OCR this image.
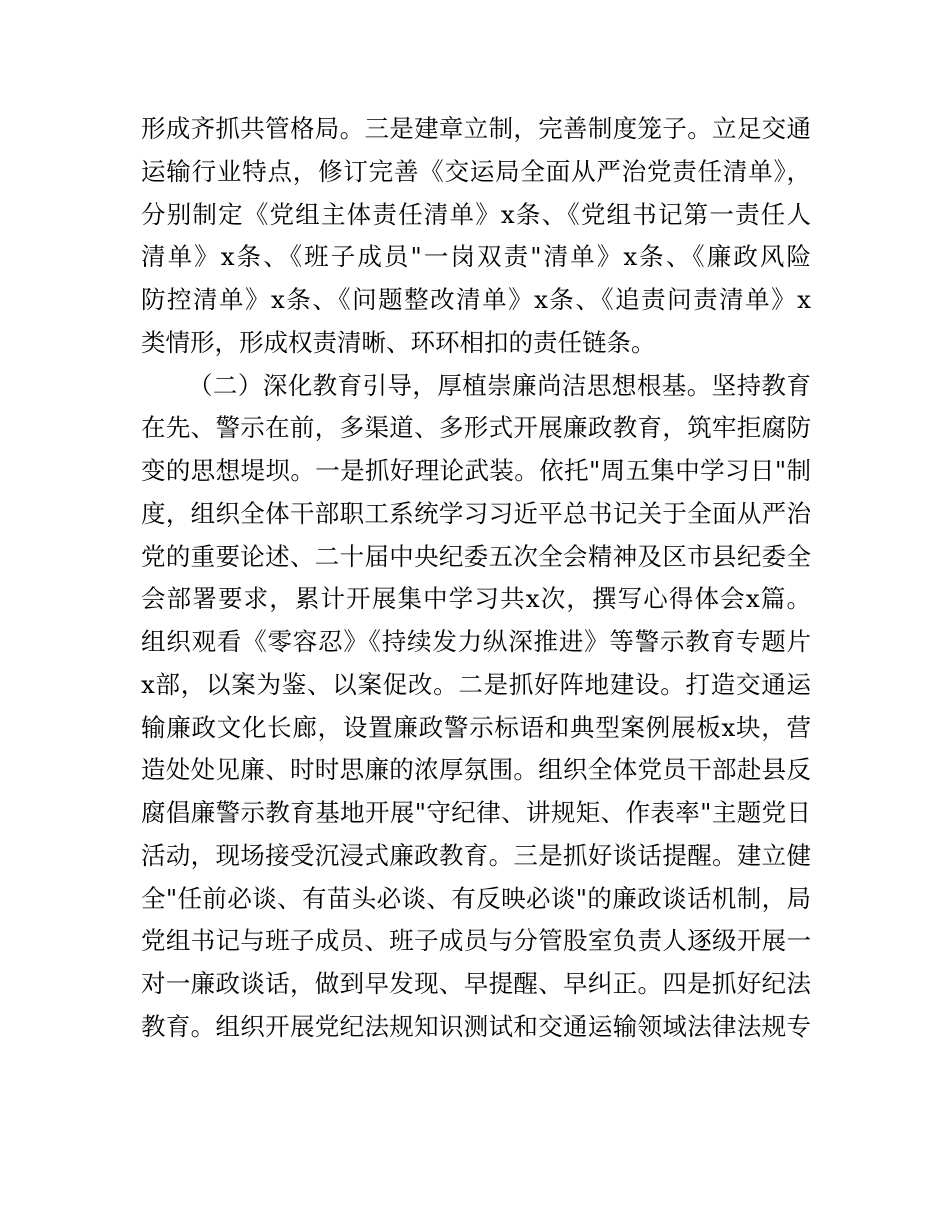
形成齐抓共管格局。三是建章立制，完善制度笼子。立足交通
运输行业特点，修订完善《交运局全面从严治党责任清单》，
分别制定《党组主体责任清单》x条、《党组书记第一责任人
清单》x条、《班子成员"一岗双责"清单》x条、《廉政风险
防控清单》x条、《问题整改清单》x条、《追责问责清单》x
类情形，形成权责清晰、环环相扣的责任链条。
（二）深化教育引导，厚植崇廉尚洁思想根基。坚持教育
在先、警示在前，多渠道、多形式开展廉政教育，筑牢拒腐防
变的思想堤坝。一是抓好理论武装。依托"周五集中学习日"制
度，组织全体干部职工系统学习习近平总书记关于全面从严治
党的重要论述、二十届中央纪委五次全会精神及区市县纪委全
会部署要求，累计开展集中学习共x次，撰写心得体会x篇。
组织观看《零容忍》《持续发力纵深推进》等警示教育专题片
x部，以案为鉴、以案促改。二是抓好阵地建设。打造交通运
输廉政文化长廊，设置廉政警示标语和典型案例展板x块，营
造处处见廉、时时思廉的浓厚氛围。组织全体党员干部赴县反
腐倡廉警示教育基地开展"守纪律、讲规矩、作表率"主题党日
活动，现场接受沉浸式廉政教育。三是抓好谈话提醒。建立健
全"任前必谈、有苗头必谈、有反映必谈"的廉政谈话机制，局
党组书记与班子成员、班子成员与分管股室负责人逐级开展一
对一廉政谈话，做到早发现、早提醒、早纠正。四是抓好纪法
教育。组织开展党纪法规知识测试和交通运输领域法律法规专
